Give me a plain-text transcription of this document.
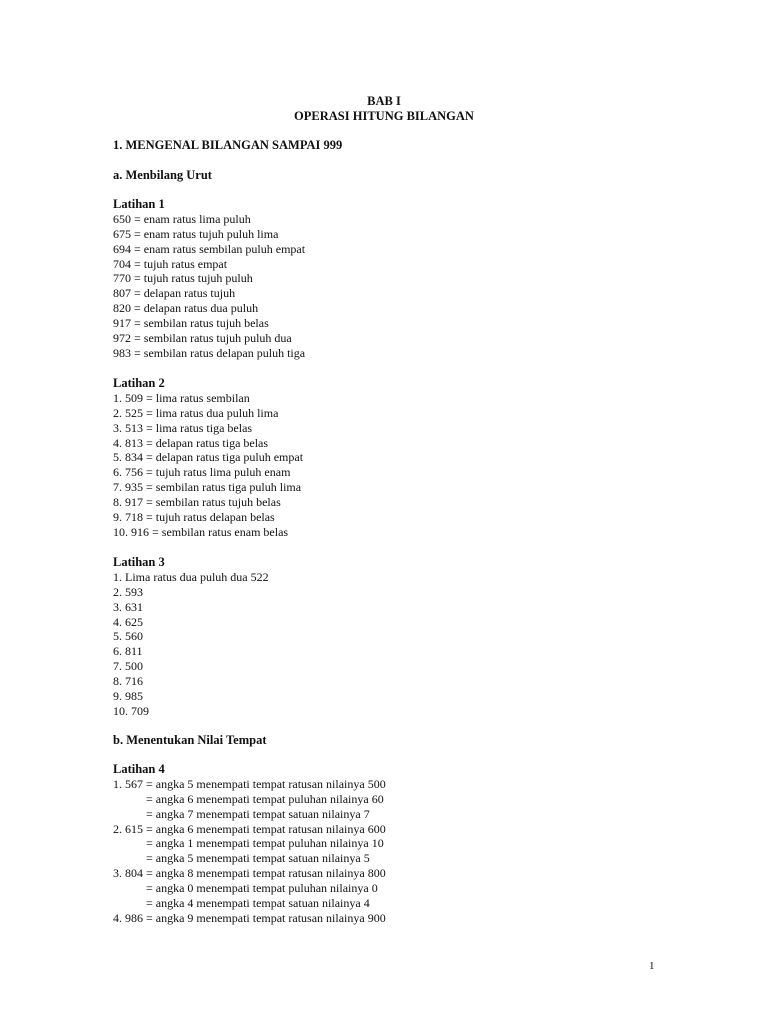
BAB I
OPERASI HITUNG BILANGAN
1. MENGENAL BILANGAN SAMPAI 999
a. Menbilang Urut
Latihan 1
650 = enam ratus lima puluh
675 = enam ratus tujuh puluh lima
694 = enam ratus sembilan puluh empat
704 = tujuh ratus empat
770 = tujuh ratus tujuh puluh
807 = delapan ratus tujuh
820 = delapan ratus dua puluh
917 = sembilan ratus tujuh belas
972 = sembilan ratus tujuh puluh dua
983 = sembilan ratus delapan puluh tiga
Latihan 2
1. 509 = lima ratus sembilan
2. 525 = lima ratus dua puluh lima
3. 513 = lima ratus tiga belas
4. 813 = delapan ratus tiga belas
5. 834 = delapan ratus tiga puluh empat
6. 756 = tujuh ratus lima puluh enam
7. 935 = sembilan ratus tiga puluh lima
8. 917 = sembilan ratus tujuh belas
9. 718 = tujuh ratus delapan belas
10. 916 = sembilan ratus enam belas
Latihan 3
1. Lima ratus dua puluh dua 522
2. 593
3. 631
4. 625
5. 560
6. 811
7. 500
8. 716
9. 985
10. 709
b. Menentukan Nilai Tempat
Latihan 4
1. 567 = angka 5 menempati tempat ratusan nilainya 500
= angka 6 menempati tempat puluhan nilainya 60
= angka 7 menempati tempat satuan nilainya 7
2. 615 = angka 6 menempati tempat ratusan nilainya 600
= angka 1 menempati tempat puluhan nilainya 10
= angka 5 menempati tempat satuan nilainya 5
3. 804 = angka 8 menempati tempat ratusan nilainya 800
= angka 0 menempati tempat puluhan nilainya 0
= angka 4 menempati tempat satuan nilainya 4
4. 986 = angka 9 menempati tempat ratusan nilainya 900
1
